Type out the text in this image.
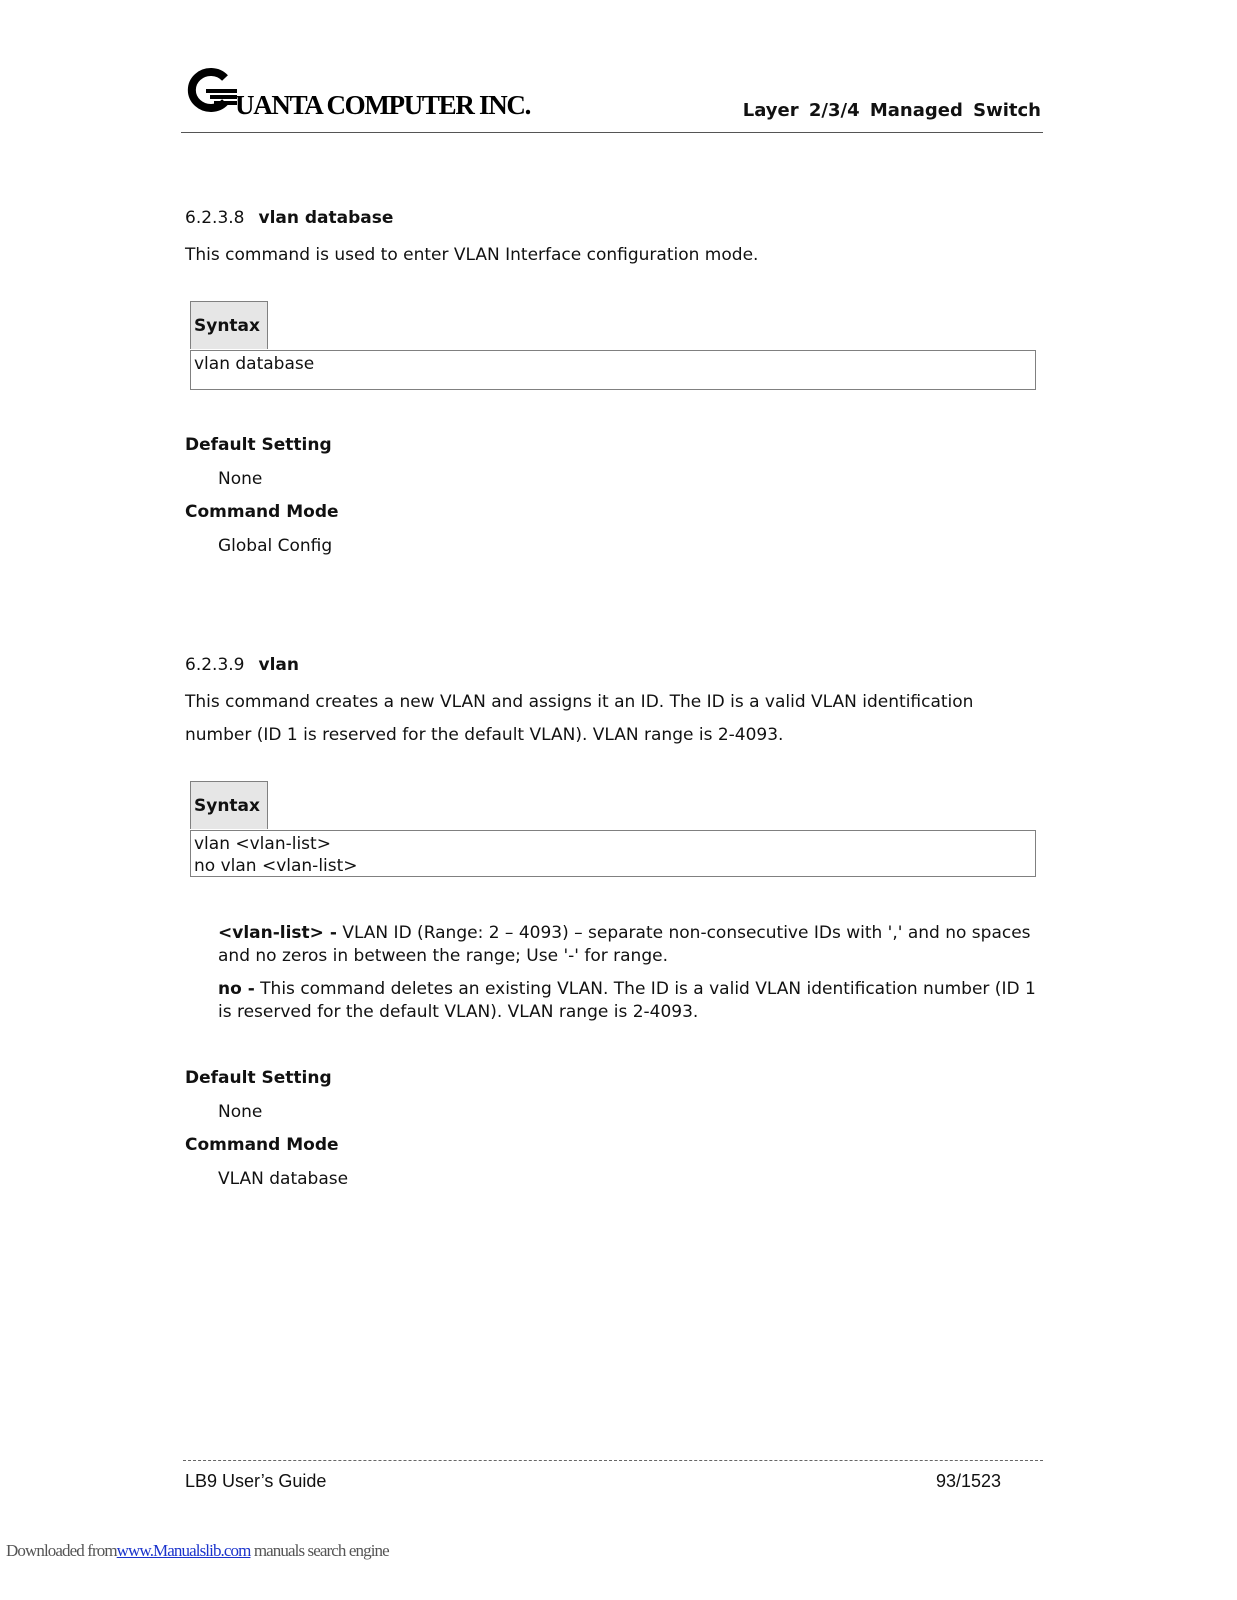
UANTA COMPUTER INC.	Layer 2/3/4 Managed Switch
6.2.3.8 vlan database
This command is used to enter VLAN Interface configuration mode.
Syntax
vlan database
Default Setting
None
Command Mode
Global Config
6.2.3.9 vlan
This command creates a new VLAN and assigns it an ID. The ID is a valid VLAN identification
number (ID 1 is reserved for the default VLAN). VLAN range is 2-4093.
Syntax
vlan <vlan-list>
no vlan <vlan-list>
<vlan-list> - VLAN ID (Range: 2 – 4093) – separate non-consecutive IDs with ',' and no spaces and no zeros in between the range; Use '-' for range.
no - This command deletes an existing VLAN. The ID is a valid VLAN identification number (ID 1 is reserved for the default VLAN). VLAN range is 2-4093.
Default Setting
None
Command Mode
VLAN database
LB9 User’s Guide	93/1523
Downloaded fromwww.Manualslib.com manuals search engine
